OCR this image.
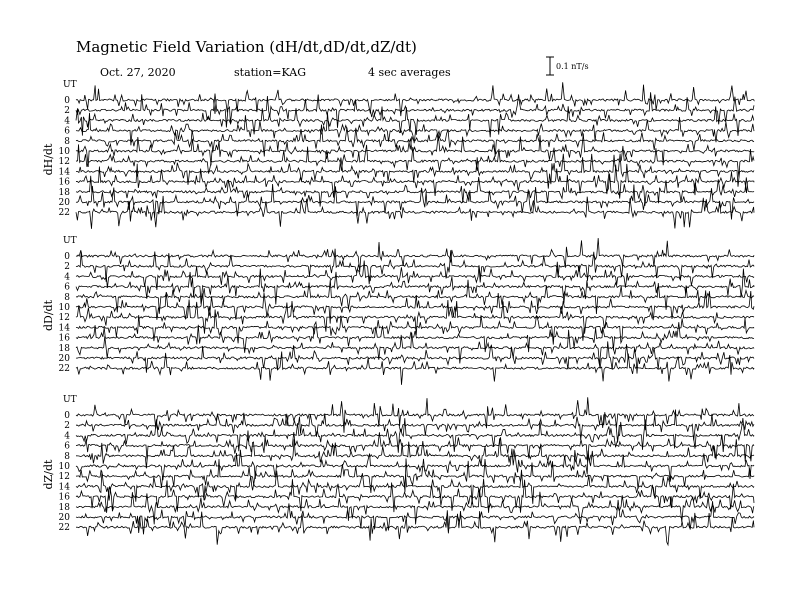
Magnetic Field Variation (dH/dt,dD/dt,dZ/dt)
Oct. 27, 2020	station=KAG	4 sec averages	0.1 nT/s
UT
dH/dt
0
2
4
6
8
10
12
14
16
18
20
22
UT
dD/dt
0
2
4
6
8
10
12
14
16
18
20
22
UT
dZ/dt
0
2
4
6
8
10
12
14
16
18
20
22
